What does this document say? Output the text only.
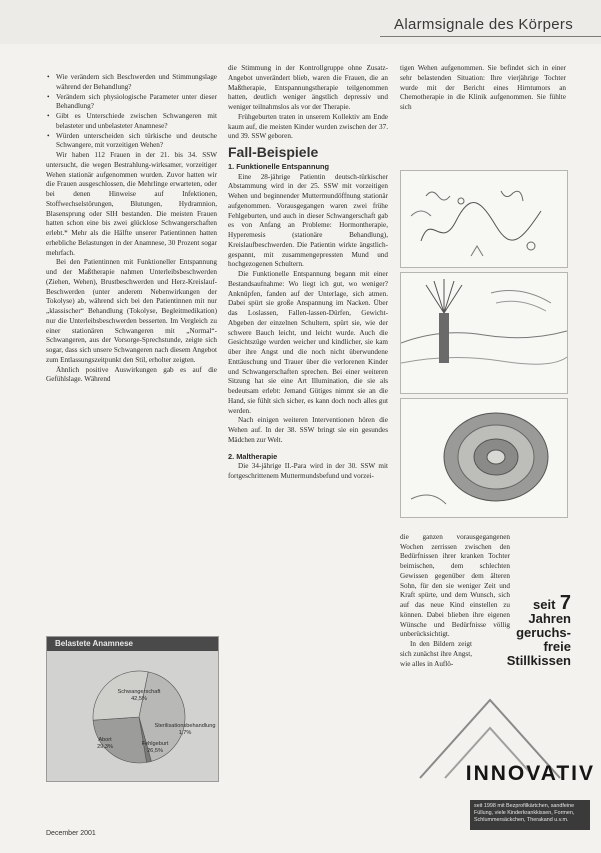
Alarmsignale des Körpers
• Wie verändern sich Beschwerden und Stimmungslage während der Behandlung?
• Verändern sich physiologische Parameter unter dieser Behandlung?
• Gibt es Unterschiede zwischen Schwangeren mit belasteter und unbelasteter Anamnese?
• Würden unterscheiden sich türkische und deutsche Schwangere, mit vorzeitigen Wehen?

Wir haben 112 Frauen in der 21. bis 34. SSW untersucht, die wegen Bestrahlung-wirksamer, vorzeitiger Wehen stationär aufgenommen wurden. Zuvor hatten wir die Frauen ausgeschlossen, die Mehrlinge erwarteten, oder bei denen Hinweise auf Infektionen, Stoffwechselstörungen, Blutungen, Hydramnion, Blasensprung oder SIH bestanden. Die meisten Frauen hatten schon eine bis zwei glücklose Schwangerschaften erlebt.* Mehr als die Hälfte unserer Patientinnen hatten erhebliche Belastungen in der Anamnese, 30 Prozent sogar mehrfach.

Bei den Patientinnen mit Funktioneller Entspannung und der Maßtherapie nahmen Unterleibsbeschwerden (Ziehen, Wehen), Brustbeschwerden und Herz-Kreislauf-Beschwerden (unter anderem Nebenwirkungen der Tokolyse) ab, während sich bei den Patientinnen mit nur „klassischer“ Behandlung (Tokolyse, Begleitmedikation) nur die Unterleibsbeschwerden besserten. Im Vergleich zu einer stationären Schwangeren mit „Normal“-Schwangeren, aus der Vorsorge-Sprechstunde, zeigte sich sogar, dass sich unsere Schwangeren nach diesem Angebot zum Entlassungszeitpunkt den Stil, erholter zeigten.

Ähnlich positive Auswirkungen gab es auf die Gefühlslage. Während

Belastete Anamnese
Schwangerschaft
42,5%
Sterilisationsbehandlung
1,7%
Fehlgeburt
26,5%
Abort
29,3%

die Stimmung in der Kontrollgruppe ohne Zusatz-Angebot unverändert blieb, waren die Frauen, die an Maßtherapie, Entspannungstherapie teilgenommen hatten, deutlich weniger ängstlich depressiv und weniger teilnahmslos als vor der Therapie.

Frühgeburten traten in unserem Kollektiv am Ende kaum auf, die meisten Kinder wurden zwischen der 37. und 39. SSW geboren.

Fall-Beispiele
1. Funktionelle Entspannung

Eine 28-jährige Patientin deutsch-türkischer Abstammung wird in der 25. SSW mit vorzeitigen Wehen und beginnender Muttermundöffnung stationär aufgenommen. Vorausgegangen waren zwei frühe Fehlgeburten, und auch in dieser Schwangerschaft gab es von Anfang an Probleme: Hormontherapie, Hyperemesis (stationäre Behandlung), Kreislaufbeschwerden. Die Patientin wirkte ängstlich-gespannt, mit zusammengepressten Mund und hochgezogenen Schultern.

Die Funktionelle Entspannung begann mit einer Bestandsaufnahme: Wo liegt ich gut, wo weniger? Anknüpfen, fanden auf der Unterlage, sich atmen. Dabei spürt sie große Anspannung im Nacken. Über das Loslassen, Fallen-lassen-Dürfen, Gewicht-Abgeben der einzelnen Schultern, spürt sie, wie der schwere Bauch leicht, und leicht wurde. Auch die Gesichtszüge wurden weicher und kindlicher, sie kam über ihre Angst und die noch nicht überwundene Enttäuschung und Trauer über die verlorenen Kinder und Schwangerschaften sprechen. Bei einer weiteren Sitzung hat sie eine Art Illumination, die sie als bedeutsam erlebt: Jemand Gütiges nimmt sie an die Hand, sie fühlt sich sicher, es kann doch noch alles gut werden.

Nach einigen weiteren Interventionen hören die Wehen auf. In der 38. SSW bringt sie ein gesundes Mädchen zur Welt.

2. Maltherapie

Die 34-jährige II.-Para wird in der 30. SSW mit fortgeschrittenem Muttermundsbefund und vorzei-

tigen Wehen aufgenommen. Sie befindet sich in einer sehr belastenden Situation: Ihre vierjährige Tochter wurde mit der Bericht eines Hirntumors an Chemotherapie in die Klinik aufgenommen. Sie fühlte sich

die ganzen vorausgegangenen Wochen zerrissen zwischen den Bedürfnissen ihrer kranken Tochter beimischen, dem schlechten Gewissen gegenüber dem älteren Sohn, für den sie weniger Zeit und Kraft spürte, und dem Wunsch, sich auf das neue Kind einstellen zu können. Dabei blieben ihre eigenen Wünsche und Bedürfnisse völlig unberücksichtigt.

In den Bildern zeigt sich zunächst ihre Angst, wie alles in Auflö-

seit 7
Jahren
geruchs-
freie
Stillkissen
INNOVATIV
seit 1998 mit Bezprofilkärtchen, sandfeine Füllung, viele Kinderkrankkissen, Formen, Schlummersäckchen, Therakand u.v.m.
December 2001
